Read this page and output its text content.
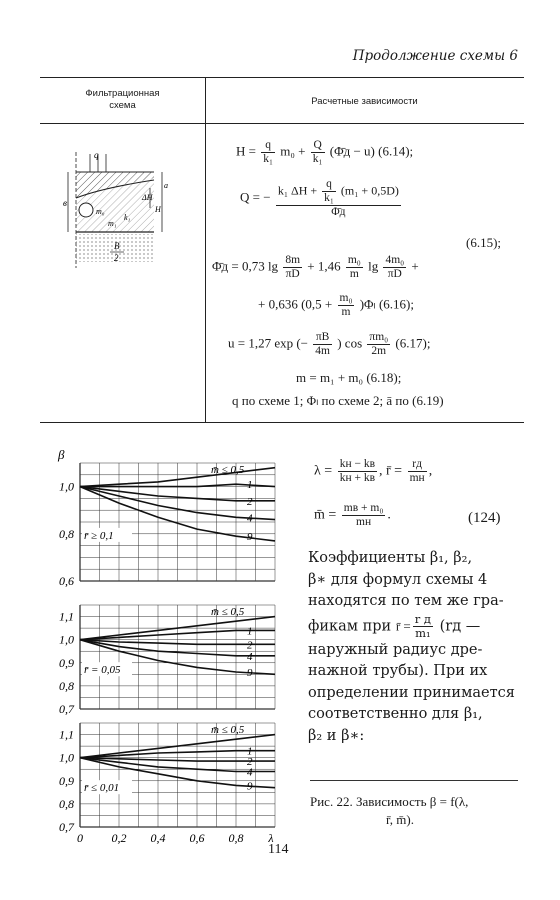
Продолжение схемы 6
Фильтрационная
схема	Расчетные зависимости
q
в
a
ΔH
H
m₀
m₁
k₁
B
2
$H = \frac{q}{\text{k₁}} m_0 + \frac{Q}{\text{k₁}}$ (Φ̄д − u) (6.14);
Q = − $\frac{k_1 \Delta H + \frac{q}{\text{k₁}} (m_1 + 0,5D)}{\Phīд}$
(6.15);
Φ̄д = 0,73 $\lg \frac{8m}{\pi D} + 1,46 \frac{\text{m₀}}{m}$ $\lg \frac{\text{4m₀}}{\pi D}$ +
+ 0,636 $(0,5 + \frac{\text{m₀}}{m} )\Phi_l$ (6.16);
u = 1,27 exp (− $\frac{\pi B}{4m}$ ) $\cos \frac{\text{πm₀}}{2m} (6.17)$;
m = m₁ + m₀ (6.18);
q по схеме 1; Φₗ по схеме 2; ā по (6.19)
1,0
0,8
0,6
β
1
2
4
9
m̄ ≤ 0,5
r̄ ≥ 0,1
1,1
1,0
0,9
0,8
0,7
1
2
4
9
m̄ ≤ 0,5
r̄ = 0,05
1,1
1,0
0,9
0,8
0,7
1
2
4
9
m̄ ≤ 0,5
r̄ ≤ 0,01
0 0,2 0,4 0,6 0,8 λ
$\lambda = \frac{kн - kв}{kн + kв}$ , r̄ = $\frac{rд}{mн}$ ,
m̄ = $\frac{\text{mв + m₀}}{mн}$ .	(124)
Коэффициенты β₁, β₂,
β∗ для формул схемы 4
находятся по тем же гра-
фикам при r̄ = $\frac{\text{r д}}{\text{m₁}} (rд$ —
наружный радиус дре-
нажной трубы). При их
определении принимается
соответственно для β₁,
β₂ и β∗:
Рис. 22. Зависимость β = f(λ,
r̄, m̄).
114
